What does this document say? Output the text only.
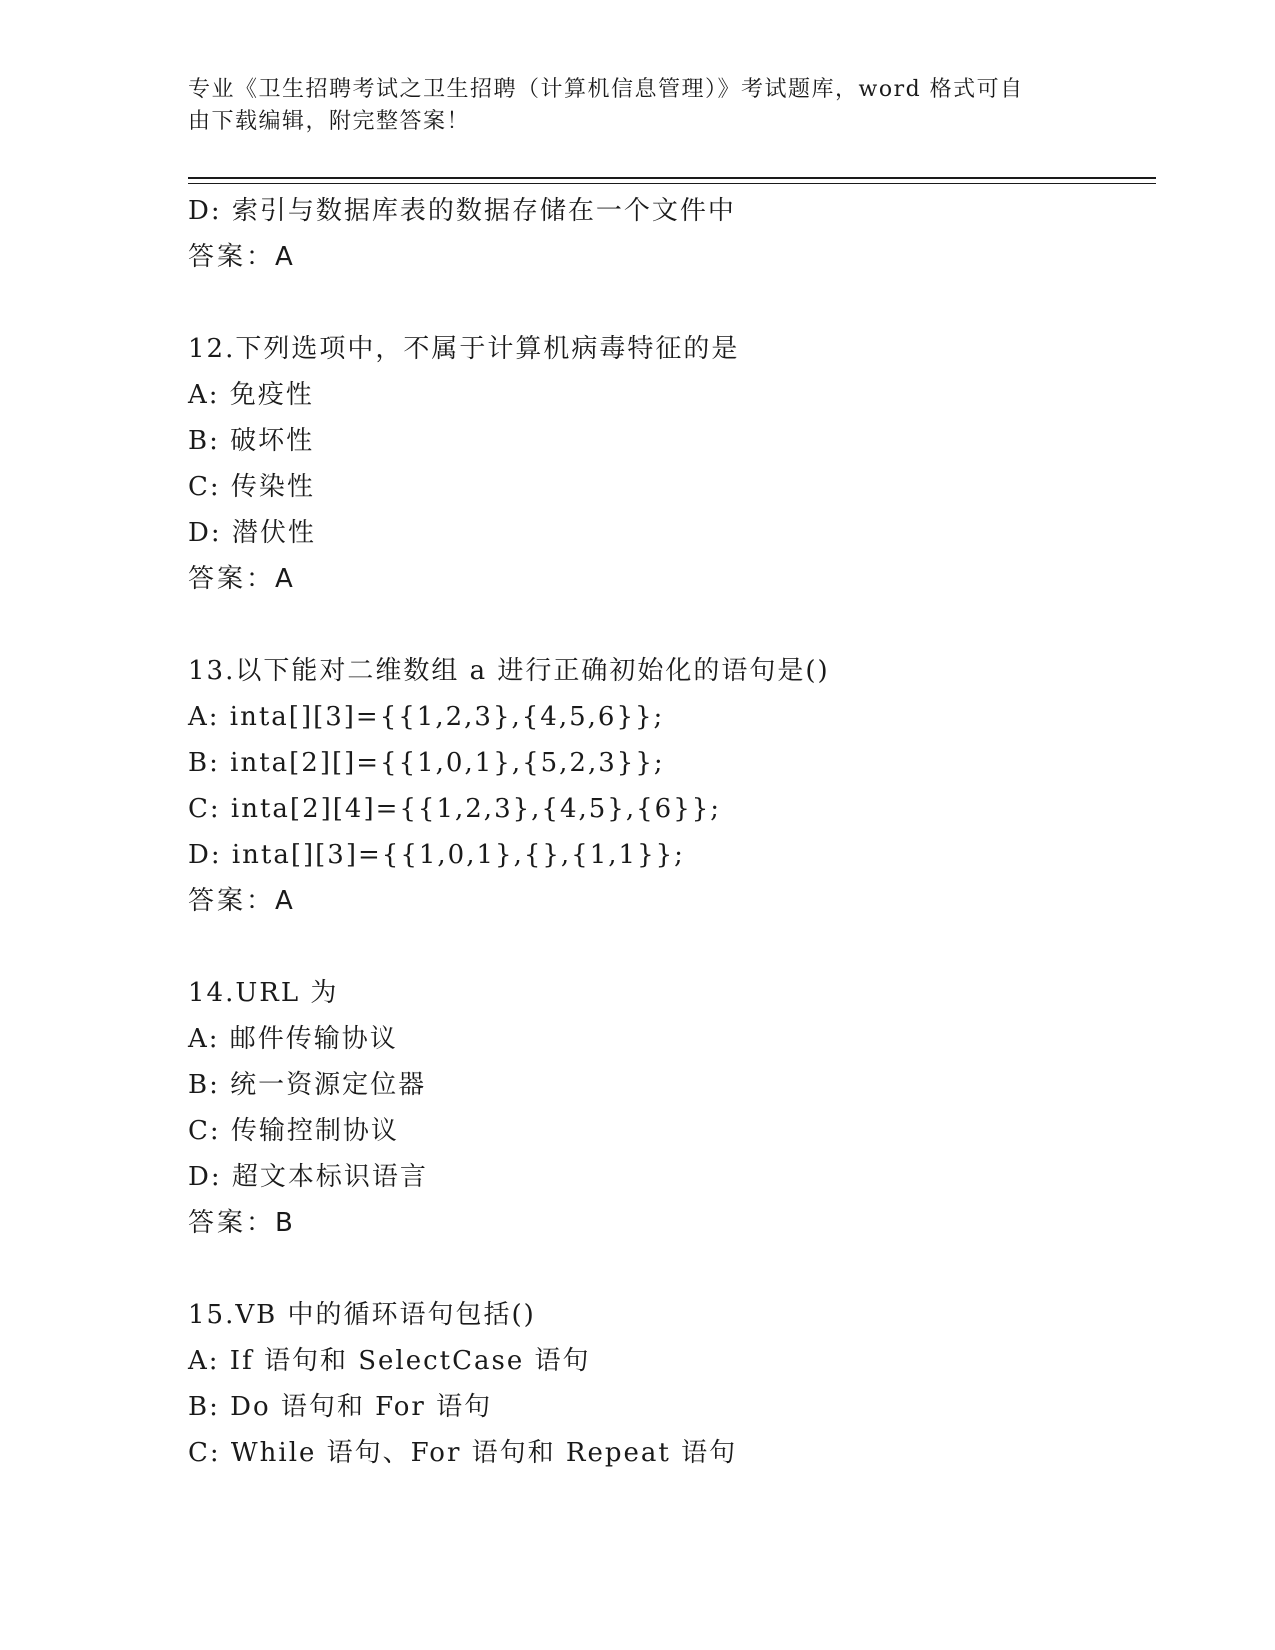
专业《卫生招聘考试之卫生招聘（计算机信息管理）》考试题库，word 格式可自
由下载编辑，附完整答案！
D: 索引与数据库表的数据存储在一个文件中
答案：A
12.下列选项中，不属于计算机病毒特征的是
A: 免疫性
B: 破坏性
C: 传染性
D: 潜伏性
答案：A
13.以下能对二维数组 a 进行正确初始化的语句是()
A: inta[][3]={{1,2,3},{4,5,6}};
B: inta[2][]={{1,0,1},{5,2,3}};
C: inta[2][4]={{1,2,3},{4,5},{6}};
D: inta[][3]={{1,0,1},{},{1,1}};
答案：A
14.URL 为
A: 邮件传输协议
B: 统一资源定位器
C: 传输控制协议
D: 超文本标识语言
答案：B
15.VB 中的循环语句包括()
A: If 语句和 SelectCase 语句
B: Do 语句和 For 语句
C: While 语句、For 语句和 Repeat 语句
